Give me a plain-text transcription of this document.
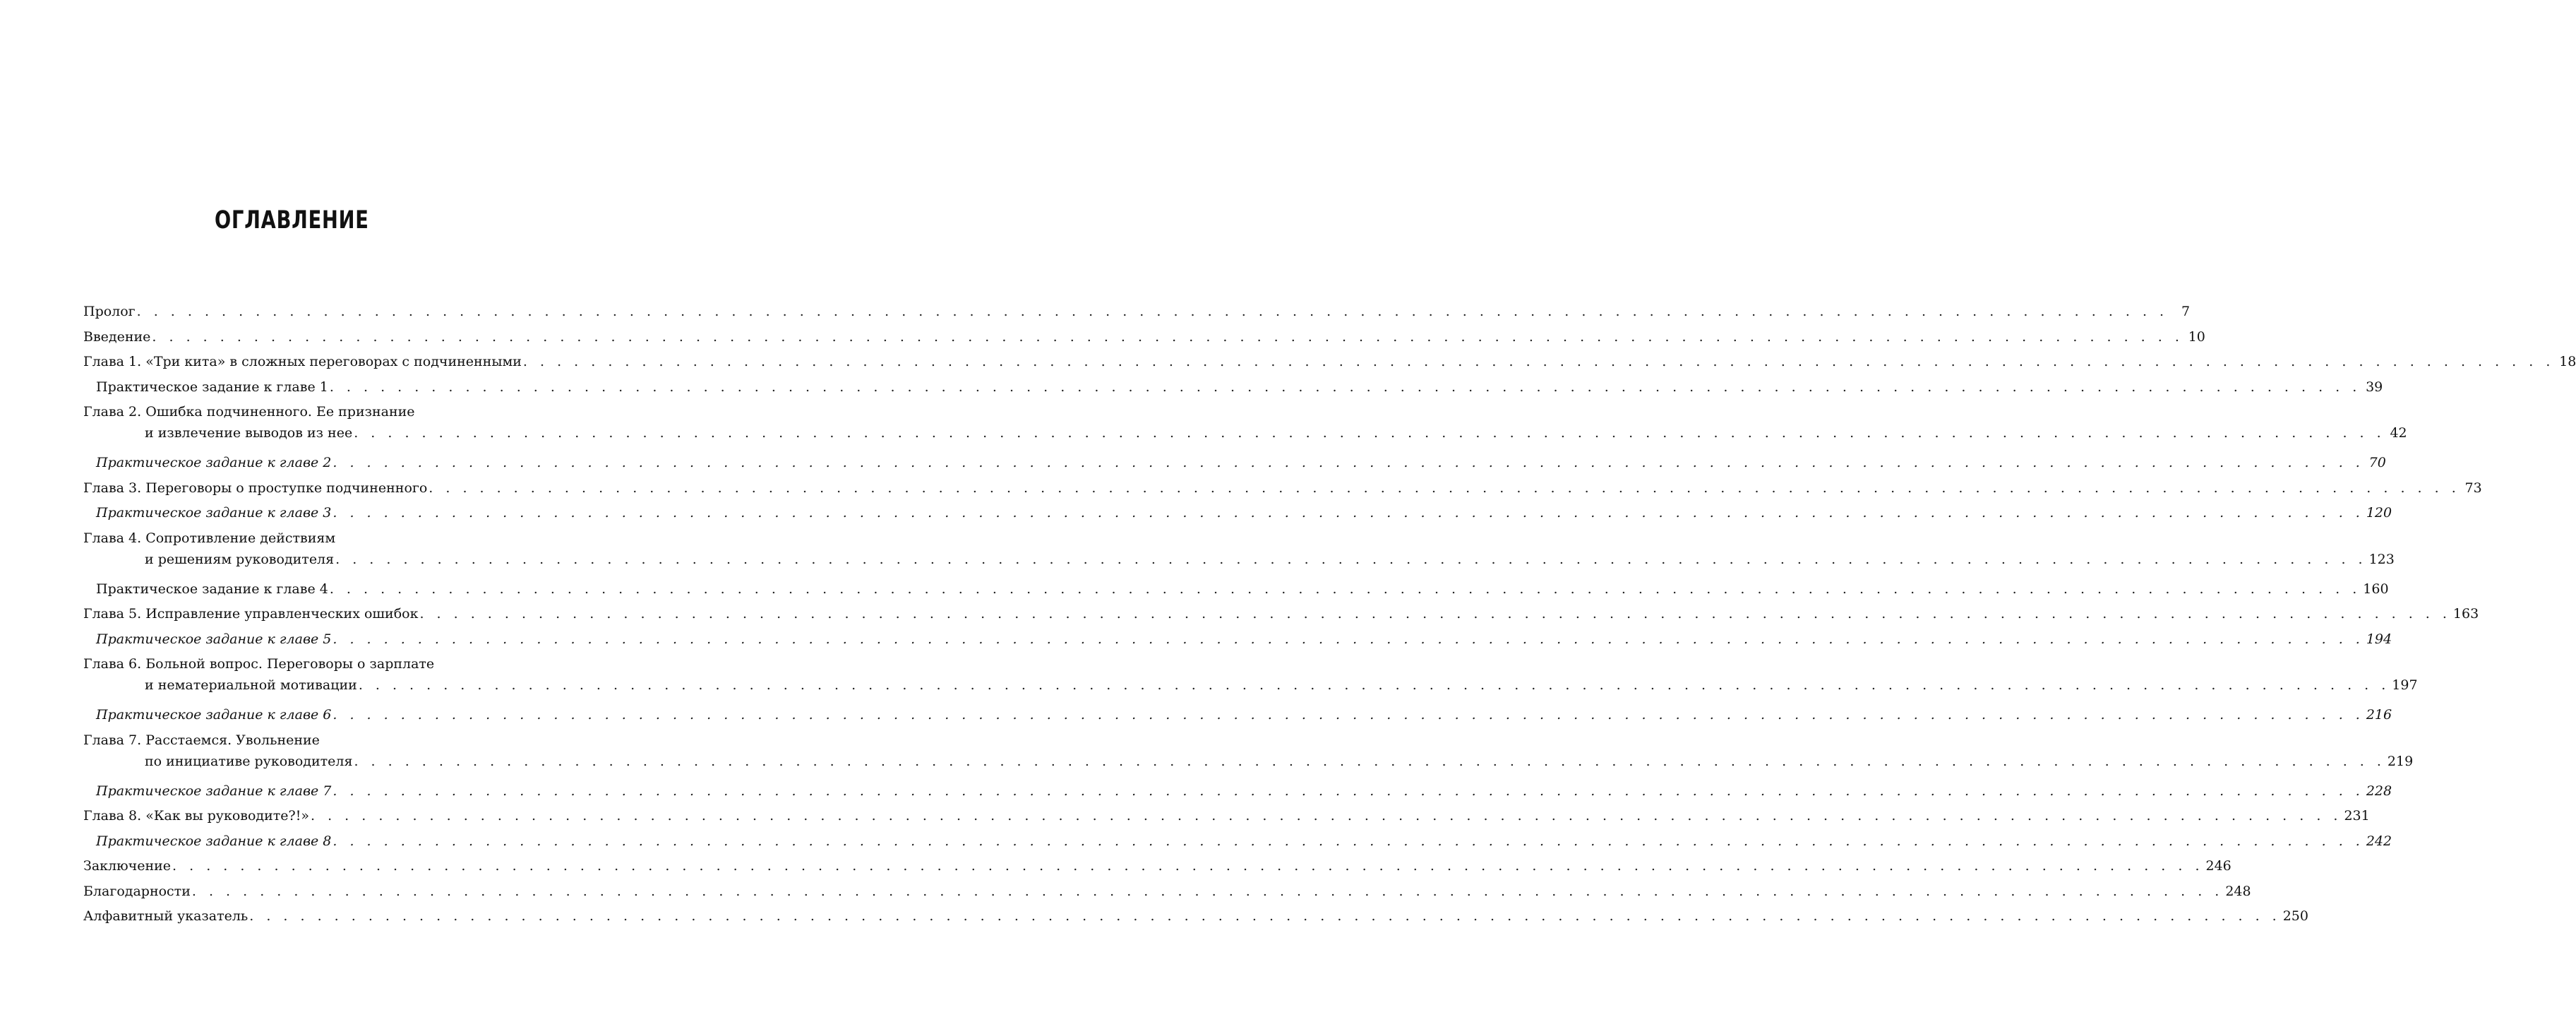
ОГЛАВЛЕНИЕ
Пролог . . . . . . . . . . . . . . . . . . . . . . . . . . . . . . . . . . . . . . . . . . . . . . . . . . . . . . . . . . . . . . . . . . . . . . . . . . . . . . . . . . . . . . . . . . . . . . . . . . . . . . . . . . . . . . . . . . . . . . . . 7
Введение . . . . . . . . . . . . . . . . . . . . . . . . . . . . . . . . . . . . . . . . . . . . . . . . . . . . . . . . . . . . . . . . . . . . . . . . . . . . . . . . . . . . . . . . . . . . . . . . . . . . . . . . . . . . . . . . . . . . . . . . 10
Глава 1. «Три кита» в сложных переговорах с подчиненными . . . . . . . . . . . . . . . . . . . . . . . . . . . . . . . . . . . . . . . . . . . . . . . . . . . . . . . . . . . . . . . . . . . . . . . . . . . . . . . . . . . . . . . . . . . . . . . . . . . . . . . . . . . . . . . . . . . . . . . . 18
Практическое задание к главе 1 . . . . . . . . . . . . . . . . . . . . . . . . . . . . . . . . . . . . . . . . . . . . . . . . . . . . . . . . . . . . . . . . . . . . . . . . . . . . . . . . . . . . . . . . . . . . . . . . . . . . . . . . . . . . . . . . . . . . . . . . 39
Глава 2. Ошибка подчиненного. Ее признание
и извлечение выводов из нее . . . . . . . . . . . . . . . . . . . . . . . . . . . . . . . . . . . . . . . . . . . . . . . . . . . . . . . . . . . . . . . . . . . . . . . . . . . . . . . . . . . . . . . . . . . . . . . . . . . . . . . . . . . . . . . . . . . . . . . . 42
Практическое задание к главе 2 . . . . . . . . . . . . . . . . . . . . . . . . . . . . . . . . . . . . . . . . . . . . . . . . . . . . . . . . . . . . . . . . . . . . . . . . . . . . . . . . . . . . . . . . . . . . . . . . . . . . . . . . . . . . . . . . . . . . . . . . 70
Глава 3. Переговоры о проступке подчиненного . . . . . . . . . . . . . . . . . . . . . . . . . . . . . . . . . . . . . . . . . . . . . . . . . . . . . . . . . . . . . . . . . . . . . . . . . . . . . . . . . . . . . . . . . . . . . . . . . . . . . . . . . . . . . . . . . . . . . . . . 73
Практическое задание к главе 3 . . . . . . . . . . . . . . . . . . . . . . . . . . . . . . . . . . . . . . . . . . . . . . . . . . . . . . . . . . . . . . . . . . . . . . . . . . . . . . . . . . . . . . . . . . . . . . . . . . . . . . . . . . . . . . . . . . . . . . . . 120
Глава 4. Сопротивление действиям
и решениям руководителя . . . . . . . . . . . . . . . . . . . . . . . . . . . . . . . . . . . . . . . . . . . . . . . . . . . . . . . . . . . . . . . . . . . . . . . . . . . . . . . . . . . . . . . . . . . . . . . . . . . . . . . . . . . . . . . . . . . . . . . . 123
Практическое задание к главе 4 . . . . . . . . . . . . . . . . . . . . . . . . . . . . . . . . . . . . . . . . . . . . . . . . . . . . . . . . . . . . . . . . . . . . . . . . . . . . . . . . . . . . . . . . . . . . . . . . . . . . . . . . . . . . . . . . . . . . . . . . 160
Глава 5. Исправление управленческих ошибок . . . . . . . . . . . . . . . . . . . . . . . . . . . . . . . . . . . . . . . . . . . . . . . . . . . . . . . . . . . . . . . . . . . . . . . . . . . . . . . . . . . . . . . . . . . . . . . . . . . . . . . . . . . . . . . . . . . . . . . . 163
Практическое задание к главе 5 . . . . . . . . . . . . . . . . . . . . . . . . . . . . . . . . . . . . . . . . . . . . . . . . . . . . . . . . . . . . . . . . . . . . . . . . . . . . . . . . . . . . . . . . . . . . . . . . . . . . . . . . . . . . . . . . . . . . . . . . 194
Глава 6. Больной вопрос. Переговоры о зарплате
и нематериальной мотивации . . . . . . . . . . . . . . . . . . . . . . . . . . . . . . . . . . . . . . . . . . . . . . . . . . . . . . . . . . . . . . . . . . . . . . . . . . . . . . . . . . . . . . . . . . . . . . . . . . . . . . . . . . . . . . . . . . . . . . . . 197
Практическое задание к главе 6 . . . . . . . . . . . . . . . . . . . . . . . . . . . . . . . . . . . . . . . . . . . . . . . . . . . . . . . . . . . . . . . . . . . . . . . . . . . . . . . . . . . . . . . . . . . . . . . . . . . . . . . . . . . . . . . . . . . . . . . . 216
Глава 7. Расстаемся. Увольнение
по инициативе руководителя . . . . . . . . . . . . . . . . . . . . . . . . . . . . . . . . . . . . . . . . . . . . . . . . . . . . . . . . . . . . . . . . . . . . . . . . . . . . . . . . . . . . . . . . . . . . . . . . . . . . . . . . . . . . . . . . . . . . . . . . 219
Практическое задание к главе 7 . . . . . . . . . . . . . . . . . . . . . . . . . . . . . . . . . . . . . . . . . . . . . . . . . . . . . . . . . . . . . . . . . . . . . . . . . . . . . . . . . . . . . . . . . . . . . . . . . . . . . . . . . . . . . . . . . . . . . . . . 228
Глава 8. «Как вы руководите?!» . . . . . . . . . . . . . . . . . . . . . . . . . . . . . . . . . . . . . . . . . . . . . . . . . . . . . . . . . . . . . . . . . . . . . . . . . . . . . . . . . . . . . . . . . . . . . . . . . . . . . . . . . . . . . . . . . . . . . . . . 231
Практическое задание к главе 8 . . . . . . . . . . . . . . . . . . . . . . . . . . . . . . . . . . . . . . . . . . . . . . . . . . . . . . . . . . . . . . . . . . . . . . . . . . . . . . . . . . . . . . . . . . . . . . . . . . . . . . . . . . . . . . . . . . . . . . . . 242
Заключение . . . . . . . . . . . . . . . . . . . . . . . . . . . . . . . . . . . . . . . . . . . . . . . . . . . . . . . . . . . . . . . . . . . . . . . . . . . . . . . . . . . . . . . . . . . . . . . . . . . . . . . . . . . . . . . . . . . . . . . . 246
Благодарности . . . . . . . . . . . . . . . . . . . . . . . . . . . . . . . . . . . . . . . . . . . . . . . . . . . . . . . . . . . . . . . . . . . . . . . . . . . . . . . . . . . . . . . . . . . . . . . . . . . . . . . . . . . . . . . . . . . . . . . . 248
Алфавитный указатель . . . . . . . . . . . . . . . . . . . . . . . . . . . . . . . . . . . . . . . . . . . . . . . . . . . . . . . . . . . . . . . . . . . . . . . . . . . . . . . . . . . . . . . . . . . . . . . . . . . . . . . . . . . . . . . . . . . . . . . . 250
